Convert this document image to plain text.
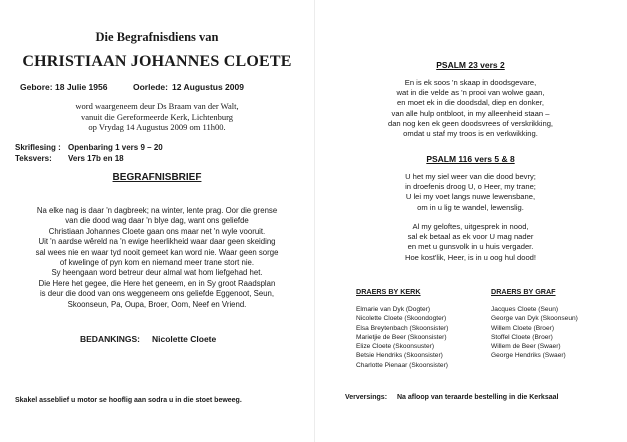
Die Begrafnisdiens van
CHRISTIAAN JOHANNES CLOETE
Gebore: 18 Julie 1956	Oorlede: 12 Augustus 2009
word waargeneem deur Ds Braam van der Walt,
vanuit die Gereformeerde Kerk, Lichtenburg
op Vrydag 14 Augustus 2009 om 11h00.
Skriflesing : Openbaring 1 vers 9 – 20
Teksvers: Vers 17b en 18
BEGRAFNISBRIEF
Na elke nag is daar 'n dagbreek; na winter, lente prag. Oor die grense
van die dood wag daar 'n blye dag, want ons geliefde
Christiaan Johannes Cloete gaan ons maar net 'n wyle vooruit.
Uit 'n aardse wêreld na 'n ewige heerlikheid waar daar geen skeiding
sal wees nie en waar tyd nooit gemeet kan word nie. Waar geen sorge
of kwelinge of pyn kom en niemand meer trane stort nie.
Sy heengaan word betreur deur almal wat hom liefgehad het.
Die Here het gegee, die Here het geneem, en in Sy groot Raadsplan
is deur die dood van ons weggeneem ons geliefde Eggenoot, Seun,
Skoonseun, Pa, Oupa, Broer, Oom, Neef en Vriend.
BEDANKINGS: Nicolette Cloete
Skakel asseblief u motor se hooflig aan sodra u in die stoet beweeg.
PSALM 23 vers 2
En is ek soos 'n skaap in doodsgevare,
wat in die velde as 'n prooi van wolwe gaan,
en moet ek in die doodsdal, diep en donker,
van alle hulp ontbloot, in my alleenheid staan –
dan nog ken ek geen doodsvrees of verskrikking,
omdat u staf my troos is en verkwikking.
PSALM 116 vers 5 & 8
U het my siel weer van die dood bevry;
in droefenis droog U, o Heer, my trane;
U lei my voet langs nuwe lewensbane,
om in u lig te wandel, lewenslig.
Al my geloftes, uitgesprek in nood,
sal ek betaal as ek voor U mag nader
en met u gunsvolk in u huis vergader.
Hoe kost'lik, Heer, is in u oog hul dood!
DRAERS BY KERK
Elmarie van Dyk (Dogter)
Nicolette Cloete (Skoondogter)
Elsa Breytenbach (Skoonsister)
Marietjie de Beer (Skoonsister)
Elize Cloete (Skoonsuster)
Betsie Hendriks (Skoonsister)
Charlotte Pienaar (Skoonsister)
DRAERS BY GRAF
Jacques Cloete (Seun)
George van Dyk (Skoonseun)
Willem Cloete (Broer)
Stoffel Cloete (Broer)
Willem de Beer (Swaer)
George Hendriks (Swaer)
Verversings: Na afloop van teraarde bestelling in die Kerksaal
